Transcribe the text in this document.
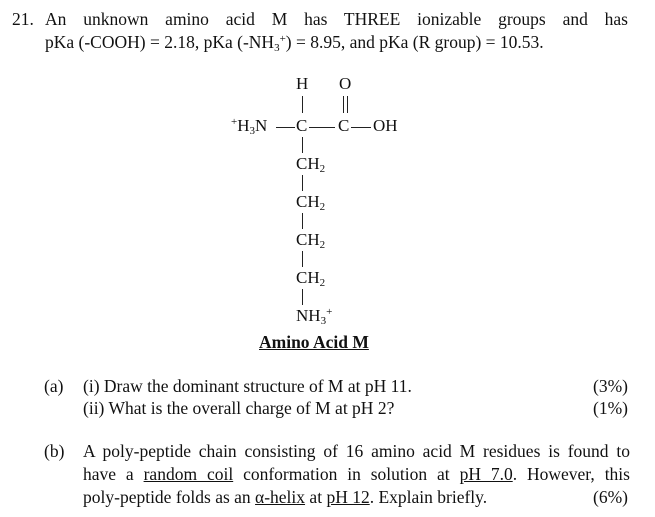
21. An unknown amino acid M has THREE ionizable groups and has
pKa (-COOH) = 2.18, pKa $(-NH_3^+) = 8.95$, and pKa (R group) = 10.53.
H O
$^+H_3N$ C C OH
$CH_2$
$CH_2$
$CH_2$
$CH_2$
$NH_3^+$
Amino Acid M
(a) (i) Draw the dominant structure of M at pH 11.	(3%)
(ii) What is the overall charge of M at pH 2?	(1%)
(b) A poly-peptide chain consisting of 16 amino acid M residues is found to
have a random coil conformation in solution at pH 7.0. However, this
poly-peptide folds as an α-helix at pH 12. Explain briefly.	(6%)
